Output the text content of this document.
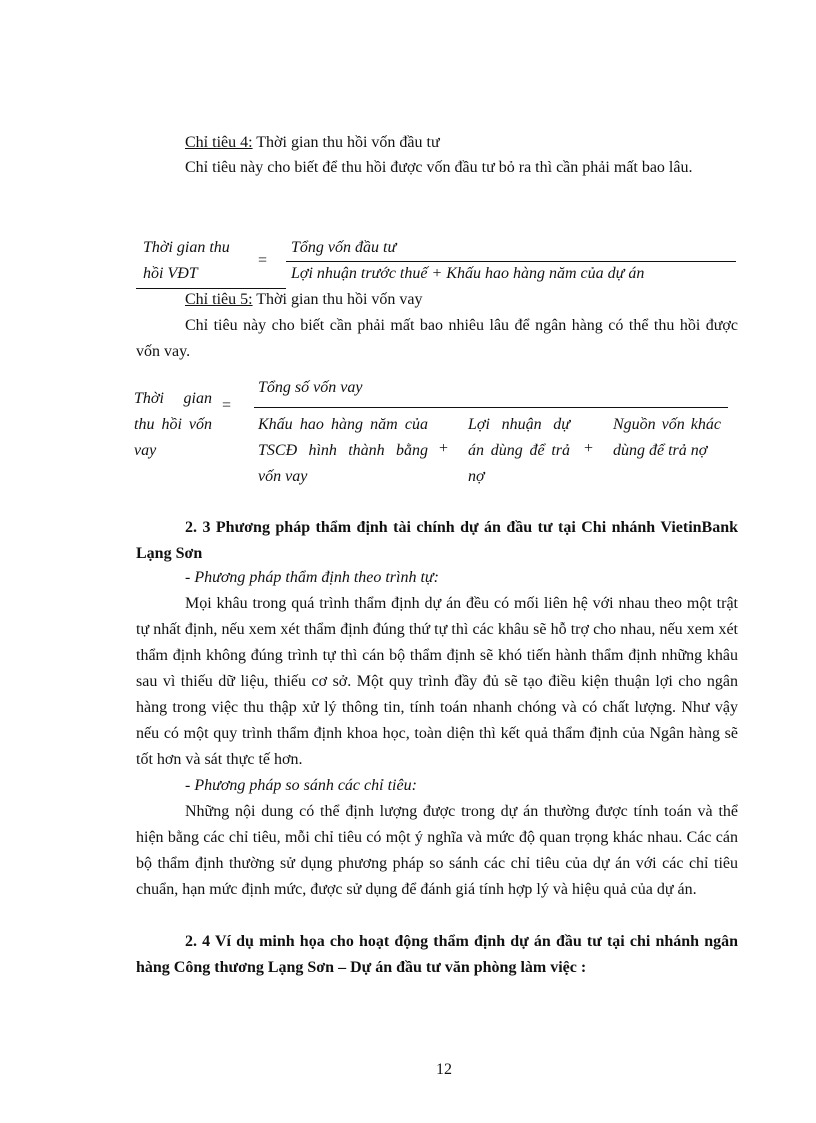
Chỉ tiêu 4: Thời gian thu hồi vốn đầu tư
Chỉ tiêu này cho biết để thu hồi được vốn đầu tư bỏ ra thì cần phải mất bao lâu.
Thời gian thu
hồi VĐT
=
Tổng vốn đầu tư
Lợi nhuận trước thuế + Khấu hao hàng năm của dự án
Chỉ tiêu 5: Thời gian thu hồi vốn vay
Chỉ tiêu này cho biết cần phải mất bao nhiêu lâu để ngân hàng có thể thu hồi được vốn vay.
Thời gian thu hồi vốn vay
=
Tổng số vốn vay
Khấu hao hàng năm của TSCĐ hình thành bằng vốn vay
+
Lợi nhuận dự án dùng để trả nợ
+
Nguồn vốn khác dùng để trả nợ
2. 3 Phương pháp thẩm định tài chính dự án đầu tư tại Chi nhánh VietinBank Lạng Sơn
- Phương pháp thẩm định theo trình tự:
Mọi khâu trong quá trình thẩm định dự án đều có mối liên hệ với nhau theo một trật tự nhất định, nếu xem xét thẩm định đúng thứ tự thì các khâu sẽ hỗ trợ cho nhau, nếu xem xét thẩm định không đúng trình tự thì cán bộ thẩm định sẽ khó tiến hành thẩm định những khâu sau vì thiếu dữ liệu, thiếu cơ sở. Một quy trình đầy đủ sẽ tạo điều kiện thuận lợi cho ngân hàng trong việc thu thập xử lý thông tin, tính toán nhanh chóng và có chất lượng. Như vậy nếu có một quy trình thẩm định khoa học, toàn diện thì kết quả thẩm định của Ngân hàng sẽ tốt hơn và sát thực tế hơn.
- Phương pháp so sánh các chỉ tiêu:
Những nội dung có thể định lượng được trong dự án thường được tính toán và thể hiện bằng các chỉ tiêu, mỗi chỉ tiêu có một ý nghĩa và mức độ quan trọng khác nhau. Các cán bộ thẩm định thường sử dụng phương pháp so sánh các chỉ tiêu của dự án với các chỉ tiêu chuẩn, hạn mức định mức, được sử dụng để đánh giá tính hợp lý và hiệu quả của dự án.
2. 4 Ví dụ minh họa cho hoạt động thẩm định dự án đầu tư tại chi nhánh ngân hàng Công thương Lạng Sơn – Dự án đầu tư văn phòng làm việc :
12
